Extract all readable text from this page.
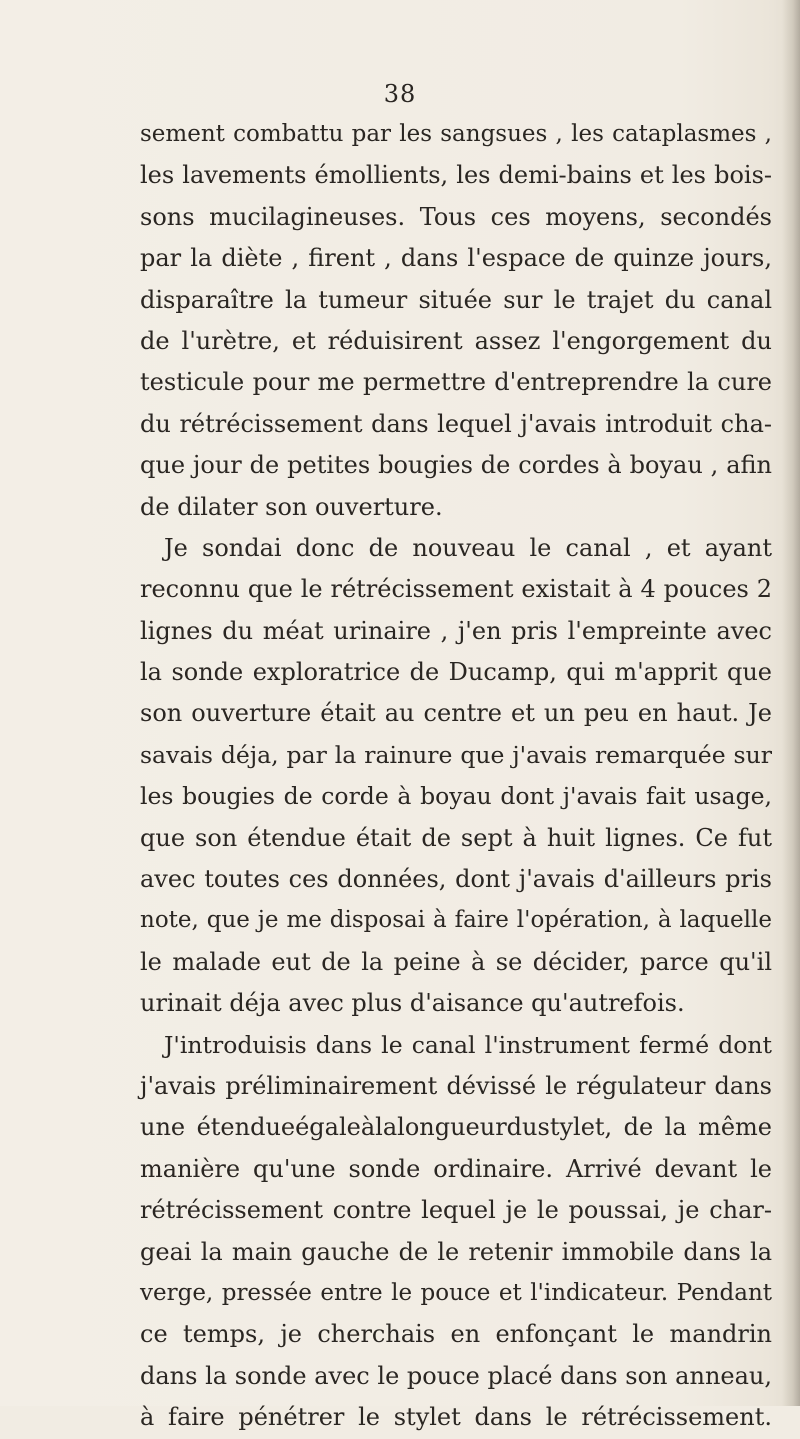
38
sement combattu par les sangsues , les cataplasmes ,
les lavements émollients, les demi-bains et les bois-
sons mucilagineuses. Tous ces moyens, secondés
par la diète , firent , dans l'espace de quinze jours,
disparaître la tumeur située sur le trajet du canal
de l'urètre, et réduisirent assez l'engorgement du
testicule pour me permettre d'entreprendre la cure
du rétrécissement dans lequel j'avais introduit cha-
que jour de petites bougies de cordes à boyau , afin
de dilater son ouverture.
Je sondai donc de nouveau le canal , et ayant
reconnu que le rétrécissement existait à 4 pouces 2
lignes du méat urinaire , j'en pris l'empreinte avec
la sonde exploratrice de Ducamp, qui m'apprit que
son ouverture était au centre et un peu en haut. Je
savais déja, par la rainure que j'avais remarquée sur
les bougies de corde à boyau dont j'avais fait usage,
que son étendue était de sept à huit lignes. Ce fut
avec toutes ces données, dont j'avais d'ailleurs pris
note, que je me disposai à faire l'opération, à laquelle
le malade eut de la peine à se décider, parce qu'il
urinait déja avec plus d'aisance qu'autrefois.
J'introduisis dans le canal l'instrument fermé dont
j'avais préliminairement dévissé le régulateur dans
une étendueégaleàlalongueurdustylet, de la même
manière qu'une sonde ordinaire. Arrivé devant le
rétrécissement contre lequel je le poussai, je char-
geai la main gauche de le retenir immobile dans la
verge, pressée entre le pouce et l'indicateur. Pendant
ce temps, je cherchais en enfonçant le mandrin
dans la sonde avec le pouce placé dans son anneau,
à faire pénétrer le stylet dans le rétrécissement.
